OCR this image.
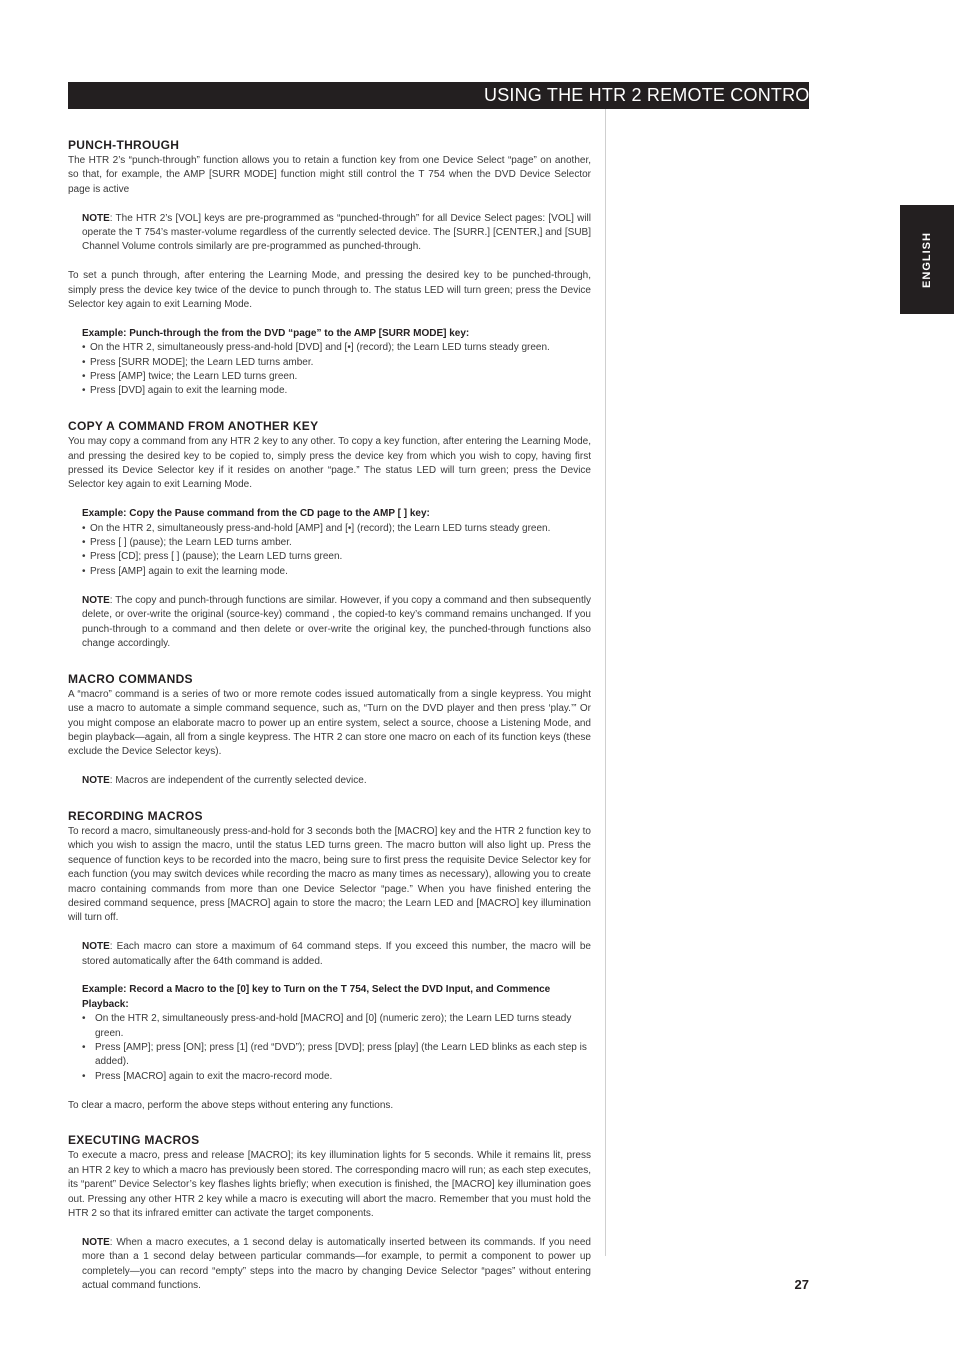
USING THE HTR 2 REMOTE CONTROL
ENGLISH
PUNCH-THROUGH

The HTR 2’s “punch-through” function allows you to retain a function key from one Device Select “page” on another, so that, for example, the AMP [SURR MODE] function might still control the T 754 when the DVD Device Selector page is active

NOTE: The HTR 2’s [VOL] keys are pre-programmed as “punched-through” for all Device Select pages: [VOL] will operate the T 754’s master-volume regardless of the currently selected device. The [SURR.] [CENTER,] and [SUB] Channel Volume controls similarly are pre-programmed as punched-through.

To set a punch through, after entering the Learning Mode, and pressing the desired key to be punched-through, simply press the device key twice of the device to punch through to. The status LED will turn green; press the Device Selector key again to exit Learning Mode.

Example: Punch-through the from the DVD “page” to the AMP [SURR MODE] key:
• On the HTR 2, simultaneously press-and-hold [DVD] and [•] (record); the Learn LED turns steady green.
• Press [SURR MODE]; the Learn LED turns amber.
• Press [AMP] twice; the Learn LED turns green.
• Press [DVD] again to exit the learning mode.
COPY A COMMAND FROM ANOTHER KEY

You may copy a command from any HTR 2 key to any other. To copy a key function, after entering the Learning Mode, and pressing the desired key to be copied to, simply press the device key from which you wish to copy, having first pressed its Device Selector key if it resides on another “page.” The status LED will turn green; press the Device Selector key again to exit Learning Mode.

Example: Copy the Pause command from the CD page to the AMP [ ] key:
• On the HTR 2, simultaneously press-and-hold [AMP] and [•] (record); the Learn LED turns steady green.
• Press [ ] (pause); the Learn LED turns amber.
• Press [CD]; press [ ] (pause); the Learn LED turns green.
• Press [AMP] again to exit the learning mode.

NOTE: The copy and punch-through functions are similar. However, if you copy a command and then subsequently delete, or over-write the original (source-key) command , the copied-to key’s command remains unchanged. If you punch-through to a command and then delete or over-write the original key, the punched-through functions also change accordingly.

MACRO COMMANDS

A “macro” command is a series of two or more remote codes issued automatically from a single keypress. You might use a macro to automate a simple command sequence, such as, “Turn on the DVD player and then press ‘play.’” Or you might compose an elaborate macro to power up an entire system, select a source, choose a Listening Mode, and begin playback—again, all from a single keypress. The HTR 2 can store one macro on each of its function keys (these exclude the Device Selector keys).

NOTE: Macros are independent of the currently selected device.

RECORDING MACROS

To record a macro, simultaneously press-and-hold for 3 seconds both the [MACRO] key and the HTR 2 function key to which you wish to assign the macro, until the status LED turns green. The macro button will also light up. Press the sequence of function keys to be recorded into the macro, being sure to first press the requisite Device Selector key for each function (you may switch devices while recording the macro as many times as necessary), allowing you to create macro containing commands from more than one Device Selector “page.” When you have finished entering the desired command sequence, press [MACRO] again to store the macro; the Learn LED and [MACRO] key illumination will turn off.

NOTE: Each macro can store a maximum of 64 command steps. If you exceed this number, the macro will be stored automatically after the 64th command is added.

Example: Record a Macro to the [0] key to Turn on the T 754, Select the DVD Input, and Commence Playback:
• On the HTR 2, simultaneously press-and-hold [MACRO] and [0] (numeric zero); the Learn LED turns steady green.
• Press [AMP]; press [ON]; press [1] (red “DVD”); press [DVD]; press [play] (the Learn LED blinks as each step is added).
• Press [MACRO] again to exit the macro-record mode.

To clear a macro, perform the above steps without entering any functions.

EXECUTING MACROS

To execute a macro, press and release [MACRO]; its key illumination lights for 5 seconds. While it remains lit, press an HTR 2 key to which a macro has previously been stored. The corresponding macro will run; as each step executes, its “parent” Device Selector’s key flashes lights briefly; when execution is finished, the [MACRO] key illumination goes out. Pressing any other HTR 2 key while a macro is executing will abort the macro. Remember that you must hold the HTR 2 so that its infrared emitter can activate the target components.

NOTE: When a macro executes, a 1 second delay is automatically inserted between its commands. If you need more than a 1 second delay between particular commands—for example, to permit a component to power up completely—you can record “empty” steps into the macro by changing Device Selector “pages” without entering actual command functions.	27
